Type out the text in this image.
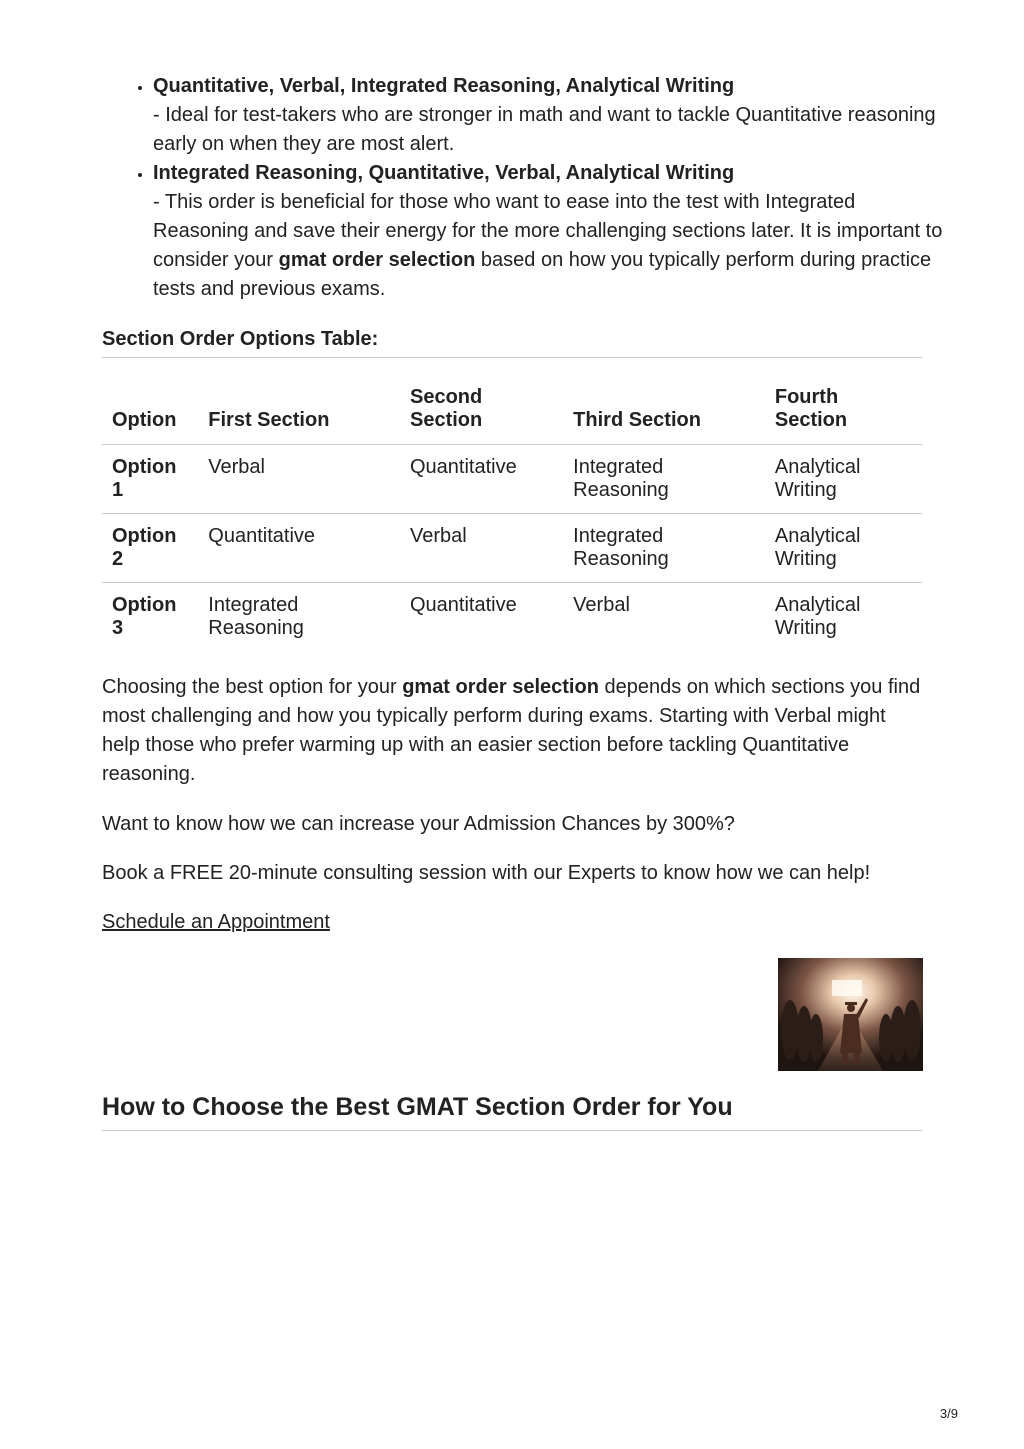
• Quantitative, Verbal, Integrated Reasoning, Analytical Writing
- Ideal for test-takers who are stronger in math and want to tackle Quantitative reasoning early on when they are most alert.
• Integrated Reasoning, Quantitative, Verbal, Analytical Writing
- This order is beneficial for those who want to ease into the test with Integrated Reasoning and save their energy for the more challenging sections later. It is important to consider your gmat order selection based on how you typically perform during practice tests and previous exams.

Section Order Options Table:

Option	First Section	Second Section	Third Section	Fourth Section
Option 1	Verbal	Quantitative	Integrated Reasoning	Analytical Writing
Option 2	Quantitative	Verbal	Integrated Reasoning	Analytical Writing
Option 3	Integrated Reasoning	Quantitative	Verbal	Analytical Writing

Choosing the best option for your gmat order selection depends on which sections you find most challenging and how you typically perform during exams. Starting with Verbal might help those who prefer warming up with an easier section before tackling Quantitative reasoning.

Want to know how we can increase your Admission Chances by 300%?

Book a FREE 20-minute consulting session with our Experts to know how we can help!

Schedule an Appointment

How to Choose the Best GMAT Section Order for You
3/9
